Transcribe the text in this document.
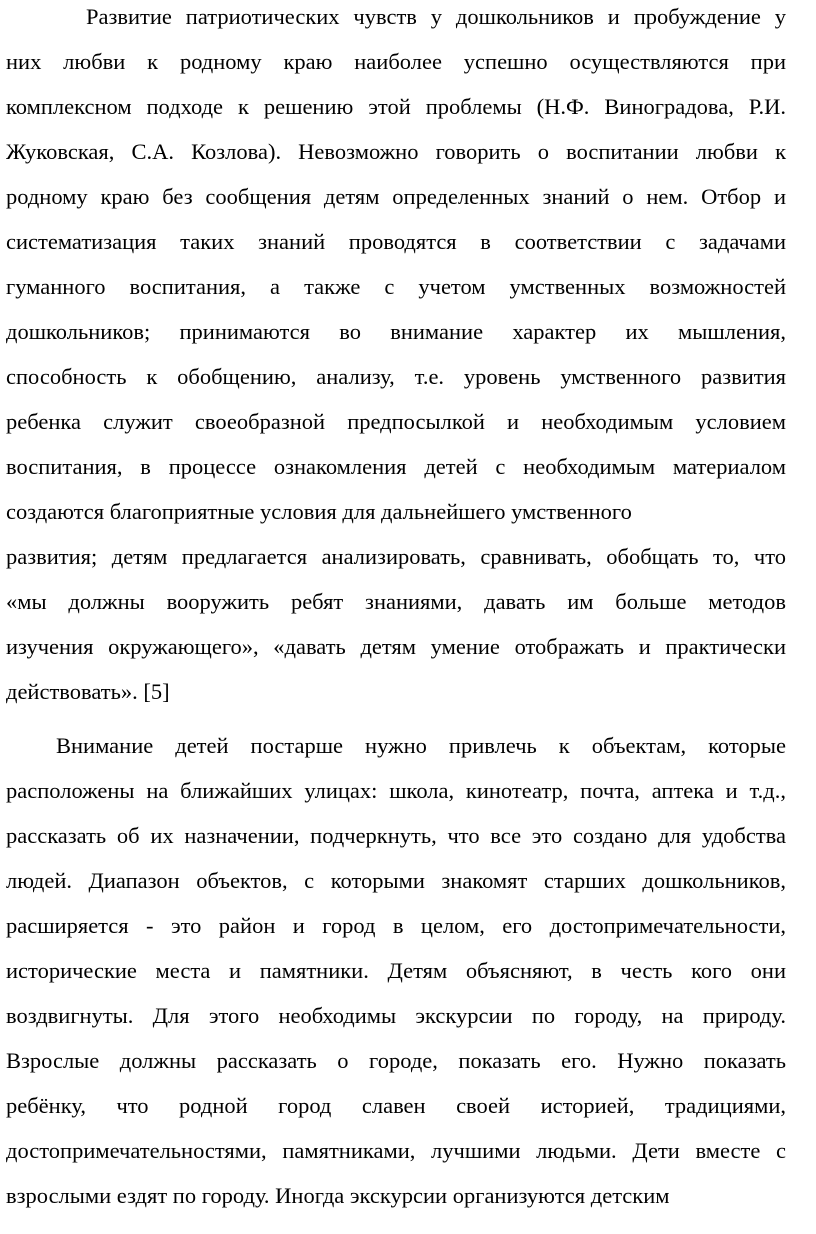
Развитие патриотических чувств у дошкольников и пробуждение у
них любви к родному краю наиболее успешно осуществляются при
комплексном подходе к решению этой проблемы (Н.Ф. Виноградова, Р.И.
Жуковская, С.А. Козлова). Невозможно говорить о воспитании любви к
родному краю без сообщения детям определенных знаний о нем. Отбор и
систематизация таких знаний проводятся в соответствии с задачами
гуманного воспитания, а также с учетом умственных возможностей
дошкольников; принимаются во внимание характер их мышления,
способность к обобщению, анализу, т.е. уровень умственного развития
ребенка служит своеобразной предпосылкой и необходимым условием
воспитания, в процессе ознакомления детей с необходимым материалом
создаются благоприятные условия для дальнейшего умственного
развития; детям предлагается анализировать, сравнивать, обобщать то, что
«мы должны вооружить ребят знаниями, давать им больше методов
изучения окружающего», «давать детям умение отображать и практически
действовать». [5]
Внимание детей постарше нужно привлечь к объектам, которые
расположены на ближайших улицах: школа, кинотеатр, почта, аптека и т.д.,
рассказать об их назначении, подчеркнуть, что все это создано для удобства
людей. Диапазон объектов, с которыми знакомят старших дошкольников,
расширяется - это район и город в целом, его достопримечательности,
исторические места и памятники. Детям объясняют, в честь кого они
воздвигнуты. Для этого необходимы экскурсии по городу, на природу.
Взрослые должны рассказать о городе, показать его. Нужно показать
ребёнку, что родной город славен своей историей, традициями,
достопримечательностями, памятниками, лучшими людьми. Дети вместе с
взрослыми ездят по городу. Иногда экскурсии организуются детским
